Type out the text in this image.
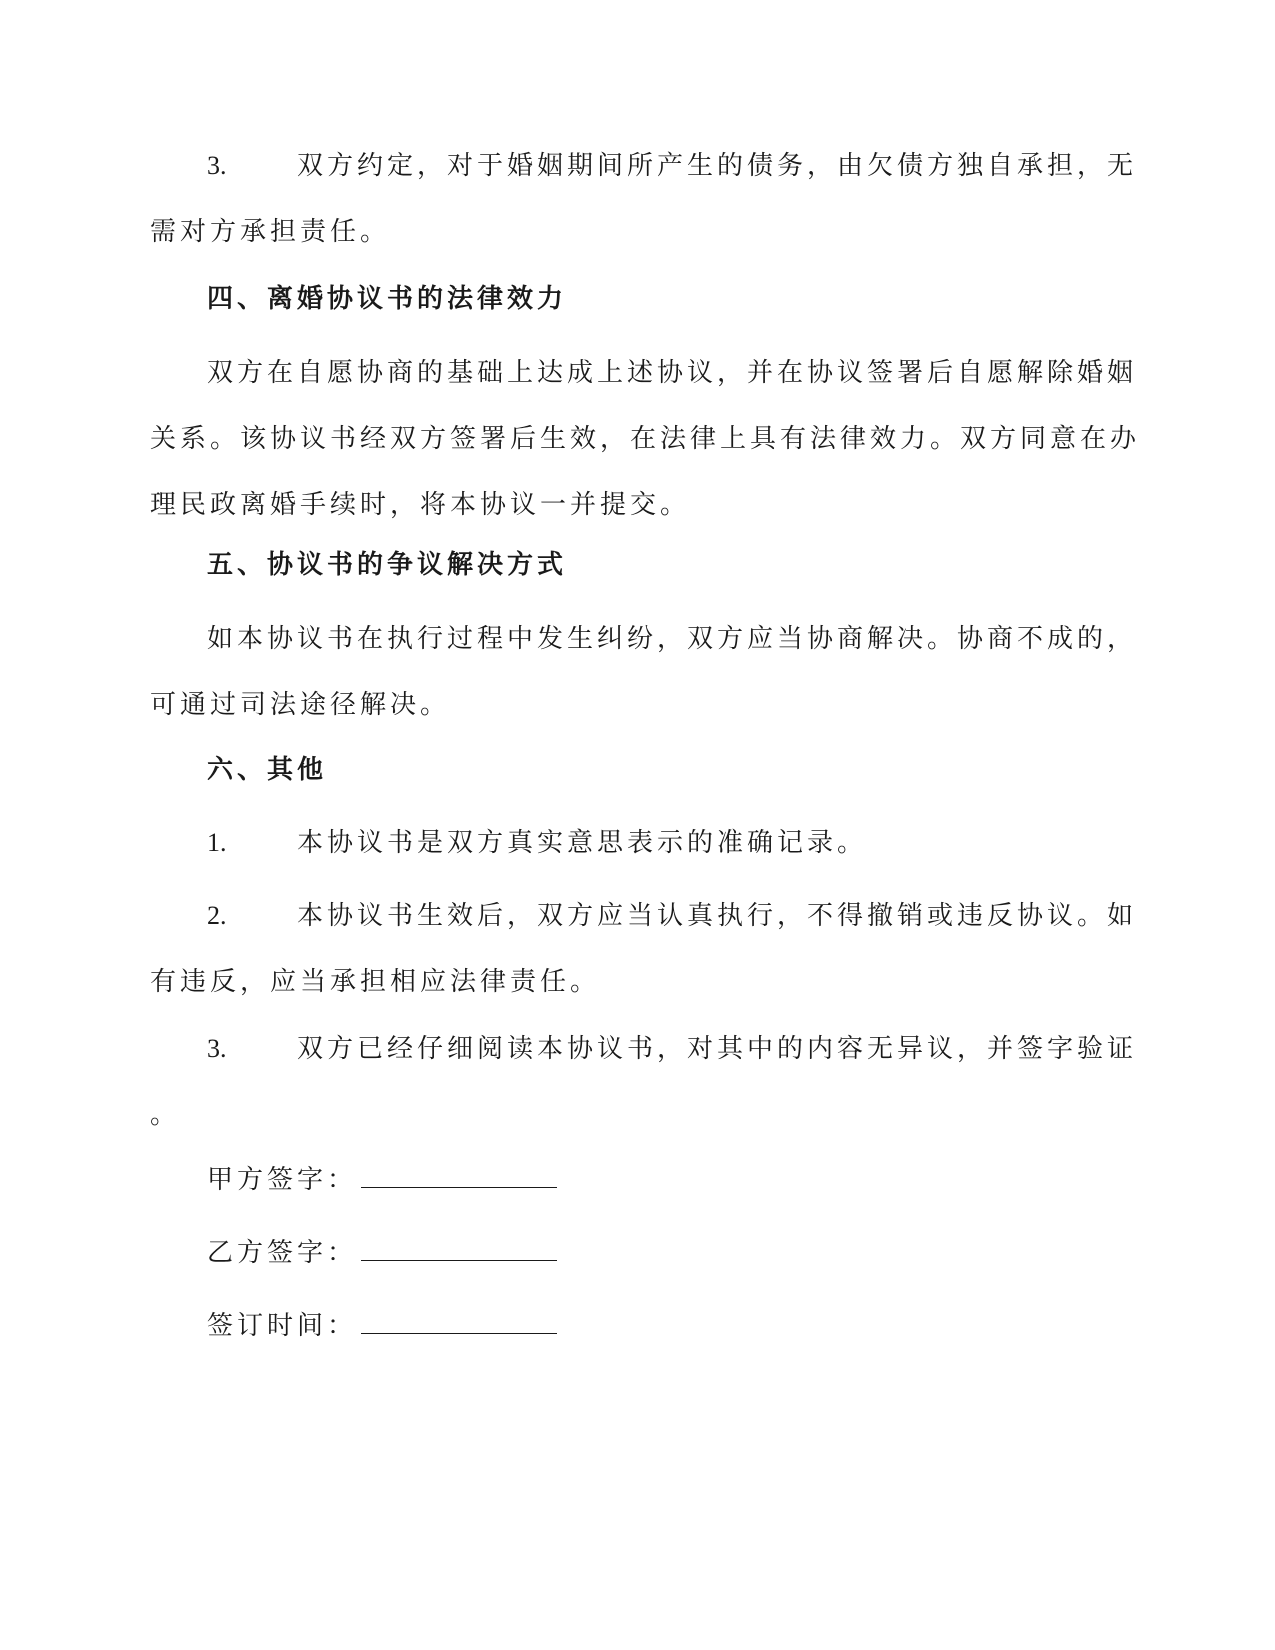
3.	双方约定，对于婚姻期间所产生的债务，由欠债方独自承担，无
需对方承担责任。
四、离婚协议书的法律效力
双方在自愿协商的基础上达成上述协议，并在协议签署后自愿解除婚姻
关系。该协议书经双方签署后生效，在法律上具有法律效力。双方同意在办
理民政离婚手续时，将本协议一并提交。
五、协议书的争议解决方式
如本协议书在执行过程中发生纠纷，双方应当协商解决。协商不成的，
可通过司法途径解决。
六、其他
1.	本协议书是双方真实意思表示的准确记录。
2.	本协议书生效后，双方应当认真执行，不得撤销或违反协议。如
有违反，应当承担相应法律责任。
3.	双方已经仔细阅读本协议书，对其中的内容无异议，并签字验证
。
甲方签字：
乙方签字：
签订时间：
